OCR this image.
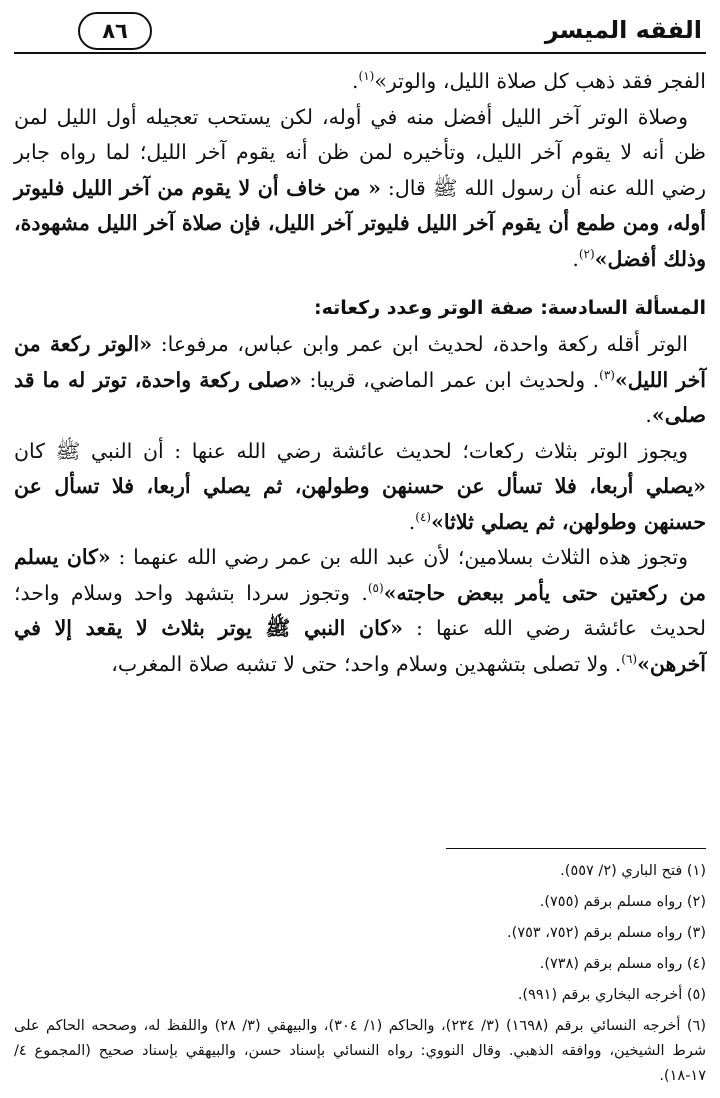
الفقه الميسر
٨٦

الفجر فقد ذهب كل صلاة الليل، والوتر»$^{(١)}$.

وصلاة الوتر آخر الليل أفضل منه في أوله، لكن يستحب تعجيله أول الليل لمن ظن أنه لا يقوم آخر الليل، وتأخيره لمن ظن أنه يقوم آخر الليل؛ لما رواه جابر رضي الله عنه أن رسول الله ﷺ قال: « من خاف أن لا يقوم من آخر الليل فليوتر أوله، ومن طمع أن يقوم آخر الليل فليوتر آخر الليل، فإن صلاة آخر الليل مشهودة، وذلك أفضل»$^{(٢)}$.

المسألة السادسة: صفة الوتر وعدد ركعاته:

الوتر أقله ركعة واحدة، لحديث ابن عمر وابن عباس، مرفوعا: «الوتر ركعة من آخر الليل»$^{(٣)}$. ولحديث ابن عمر الماضي، قريبا: «صلى ركعة واحدة، توتر له ما قد صلى».

ويجوز الوتر بثلاث ركعات؛ لحديث عائشة رضي الله عنها : أن النبي ﷺ كان «يصلي أربعا، فلا تسأل عن حسنهن وطولهن، ثم يصلي أربعا، فلا تسأل عن حسنهن وطولهن، ثم يصلي ثلاثا»$^{(٤)}$.

وتجوز هذه الثلاث بسلامين؛ لأن عبد الله بن عمر رضي الله عنهما : «كان يسلم من ركعتين حتى يأمر ببعض حاجته»$^{(٥)}$. وتجوز سردا بتشهد واحد وسلام واحد؛ لحديث عائشة رضي الله عنها : «كان النبي ﷺ يوتر بثلاث لا يقعد إلا في آخرهن»$^{(٦)}$. ولا تصلى بتشهدين وسلام واحد؛ حتى لا تشبه صلاة المغرب،

(١) فتح الباري (٢/ ٥٥٧).

(٢) رواه مسلم برقم (٧٥٥).

(٣) رواه مسلم برقم (٧٥٢، ٧٥٣).

(٤) رواه مسلم برقم (٧٣٨).

(٥) أخرجه البخاري برقم (٩٩١).

(٦) أخرجه النسائي برقم (١٦٩٨) (٣/ ٢٣٤)، والحاكم (١/ ٣٠٤)، والبيهقي (٣/ ٢٨) واللفظ له، وصححه الحاكم على شرط الشيخين، ووافقه الذهبي. وقال النووي: رواه النسائي بإسناد حسن، والبيهقي بإسناد صحيح (المجموع ٤/ ١٧-١٨).
